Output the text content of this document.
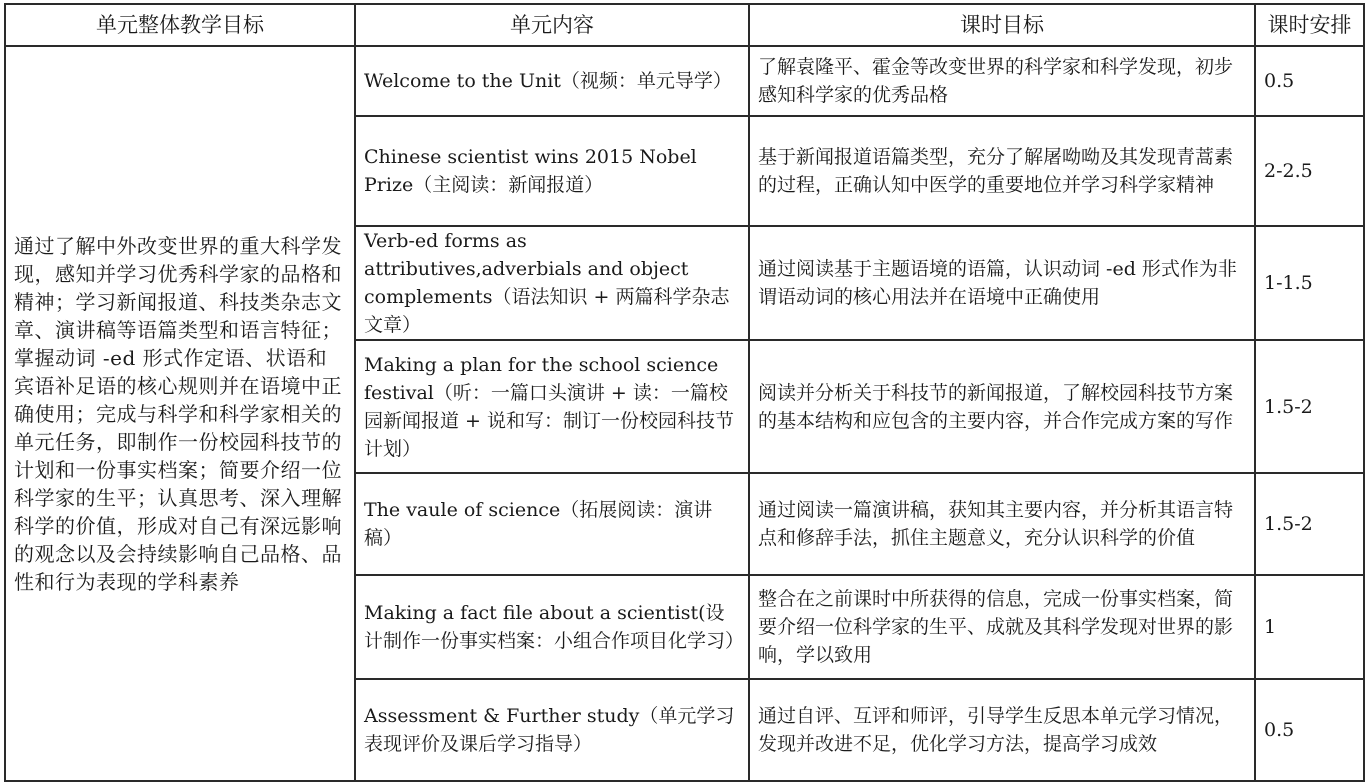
单元整体教学目标	单元内容	课时目标	课时安排
通过了解中外改变世界的重大科学发现，感知并学习优秀科学家的品格和精神；学习新闻报道、科技类杂志文章、演讲稿等语篇类型和语言特征；掌握动词 -ed 形式作定语、状语和宾语补足语的核心规则并在语境中正确使用；完成与科学和科学家相关的单元任务，即制作一份校园科技节的计划和一份事实档案；简要介绍一位科学家的生平；认真思考、深入理解科学的价值，形成对自己有深远影响的观念以及会持续影响自己品格、品性和行为表现的学科素养	Welcome to the Unit（视频：单元导学）	了解袁隆平、霍金等改变世界的科学家和科学发现，初步感知科学家的优秀品格	0.5
	Chinese scientist wins 2015 Nobel Prize（主阅读：新闻报道）	基于新闻报道语篇类型，充分了解屠呦呦及其发现青蒿素的过程，正确认知中医学的重要地位并学习科学家精神	2-2.5
	Verb-ed forms as attributives,adverbials and object complements（语法知识 + 两篇科学杂志文章）	通过阅读基于主题语境的语篇，认识动词 -ed 形式作为非谓语动词的核心用法并在语境中正确使用	1-1.5
	Making a plan for the school science festival（听：一篇口头演讲 + 读：一篇校园新闻报道 + 说和写：制订一份校园科技节计划）	阅读并分析关于科技节的新闻报道，了解校园科技节方案的基本结构和应包含的主要内容，并合作完成方案的写作	1.5-2
	The vaule of science（拓展阅读：演讲稿）	通过阅读一篇演讲稿，获知其主要内容，并分析其语言特点和修辞手法，抓住主题意义，充分认识科学的价值	1.5-2
	Making a fact file about a scientist(设计制作一份事实档案：小组合作项目化学习）	整合在之前课时中所获得的信息，完成一份事实档案，简要介绍一位科学家的生平、成就及其科学发现对世界的影响，学以致用	1
	Assessment & Further study（单元学习表现评价及课后学习指导）	通过自评、互评和师评，引导学生反思本单元学习情况，发现并改进不足，优化学习方法，提高学习成效	0.5
